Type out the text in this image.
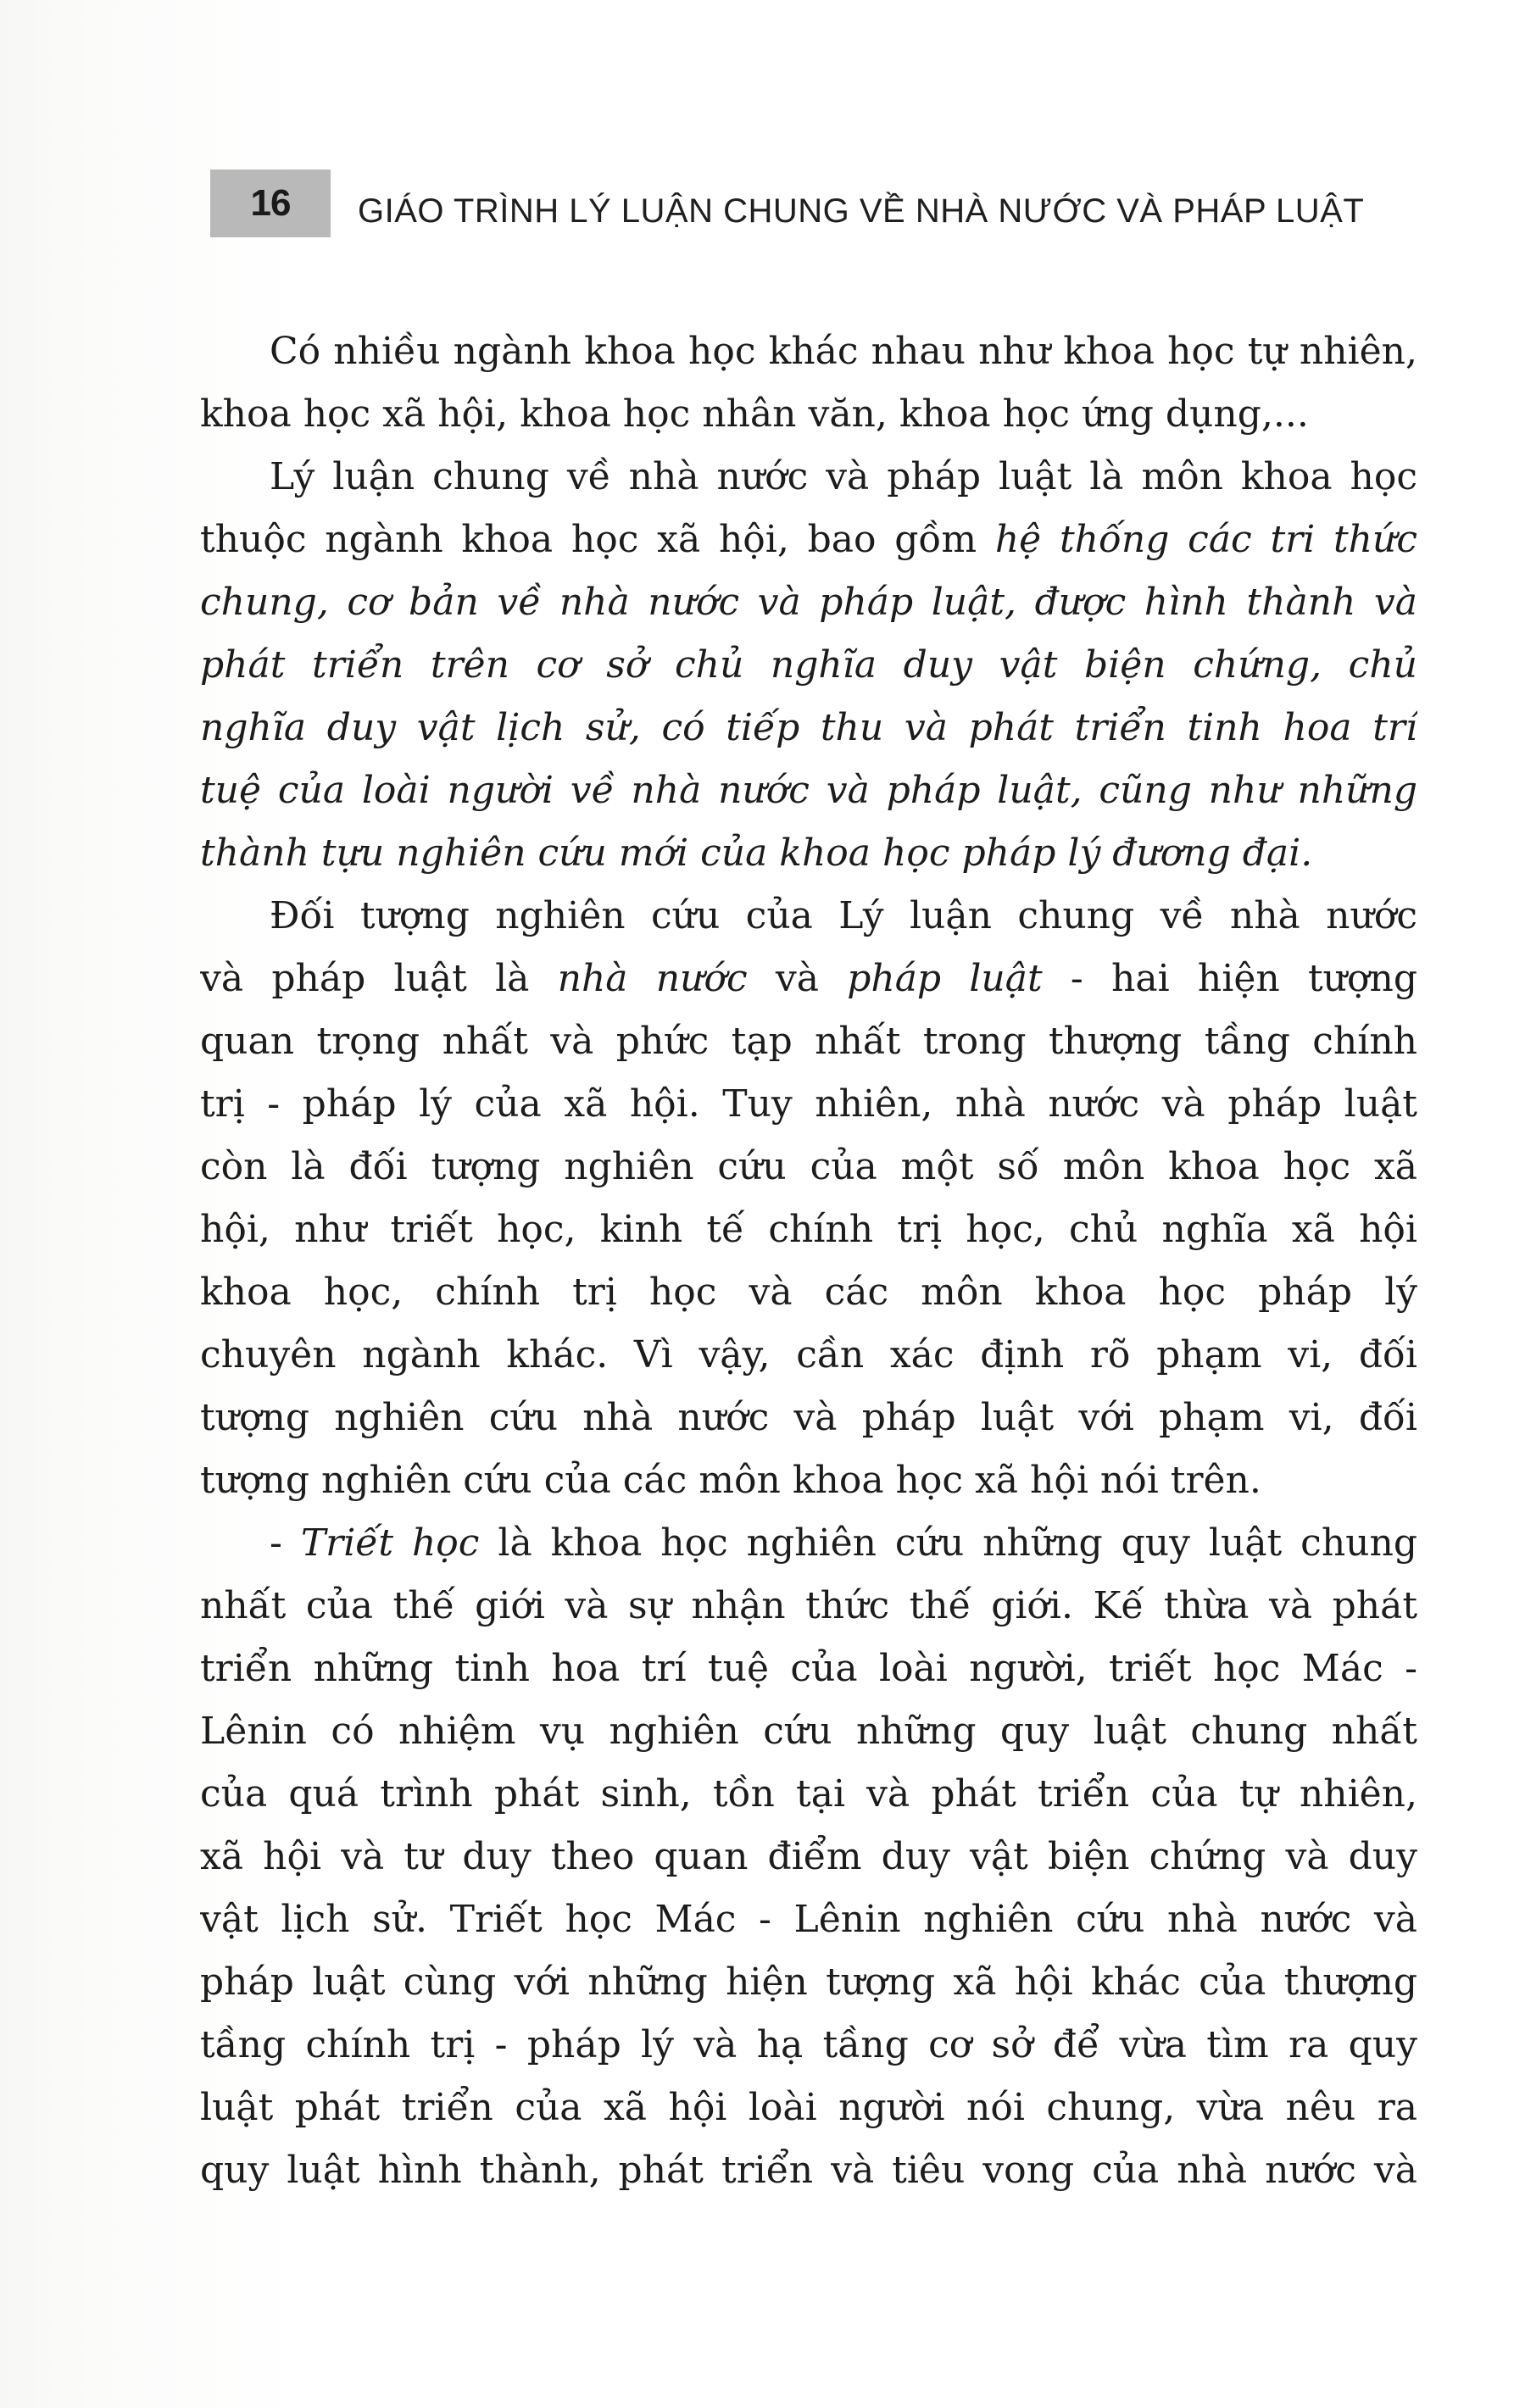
16	GIÁO TRÌNH LÝ LUẬN CHUNG VỀ NHÀ NƯỚC VÀ PHÁP LUẬT
Có nhiều ngành khoa học khác nhau như khoa học tự nhiên,
khoa học xã hội, khoa học nhân văn, khoa học ứng dụng,...
Lý luận chung về nhà nước và pháp luật là môn khoa học
thuộc ngành khoa học xã hội, bao gồm hệ thống các tri thức
chung, cơ bản về nhà nước và pháp luật, được hình thành và
phát triển trên cơ sở chủ nghĩa duy vật biện chứng, chủ
nghĩa duy vật lịch sử, có tiếp thu và phát triển tinh hoa trí
tuệ của loài người về nhà nước và pháp luật, cũng như những
thành tựu nghiên cứu mới của khoa học pháp lý đương đại.
Đối tượng nghiên cứu của Lý luận chung về nhà nước
và pháp luật là nhà nước và pháp luật - hai hiện tượng
quan trọng nhất và phức tạp nhất trong thượng tầng chính
trị - pháp lý của xã hội. Tuy nhiên, nhà nước và pháp luật
còn là đối tượng nghiên cứu của một số môn khoa học xã
hội, như triết học, kinh tế chính trị học, chủ nghĩa xã hội
khoa học, chính trị học và các môn khoa học pháp lý
chuyên ngành khác. Vì vậy, cần xác định rõ phạm vi, đối
tượng nghiên cứu nhà nước và pháp luật với phạm vi, đối
tượng nghiên cứu của các môn khoa học xã hội nói trên.
- Triết học là khoa học nghiên cứu những quy luật chung
nhất của thế giới và sự nhận thức thế giới. Kế thừa và phát
triển những tinh hoa trí tuệ của loài người, triết học Mác -
Lênin có nhiệm vụ nghiên cứu những quy luật chung nhất
của quá trình phát sinh, tồn tại và phát triển của tự nhiên,
xã hội và tư duy theo quan điểm duy vật biện chứng và duy
vật lịch sử. Triết học Mác - Lênin nghiên cứu nhà nước và
pháp luật cùng với những hiện tượng xã hội khác của thượng
tầng chính trị - pháp lý và hạ tầng cơ sở để vừa tìm ra quy
luật phát triển của xã hội loài người nói chung, vừa nêu ra
quy luật hình thành, phát triển và tiêu vong của nhà nước và
